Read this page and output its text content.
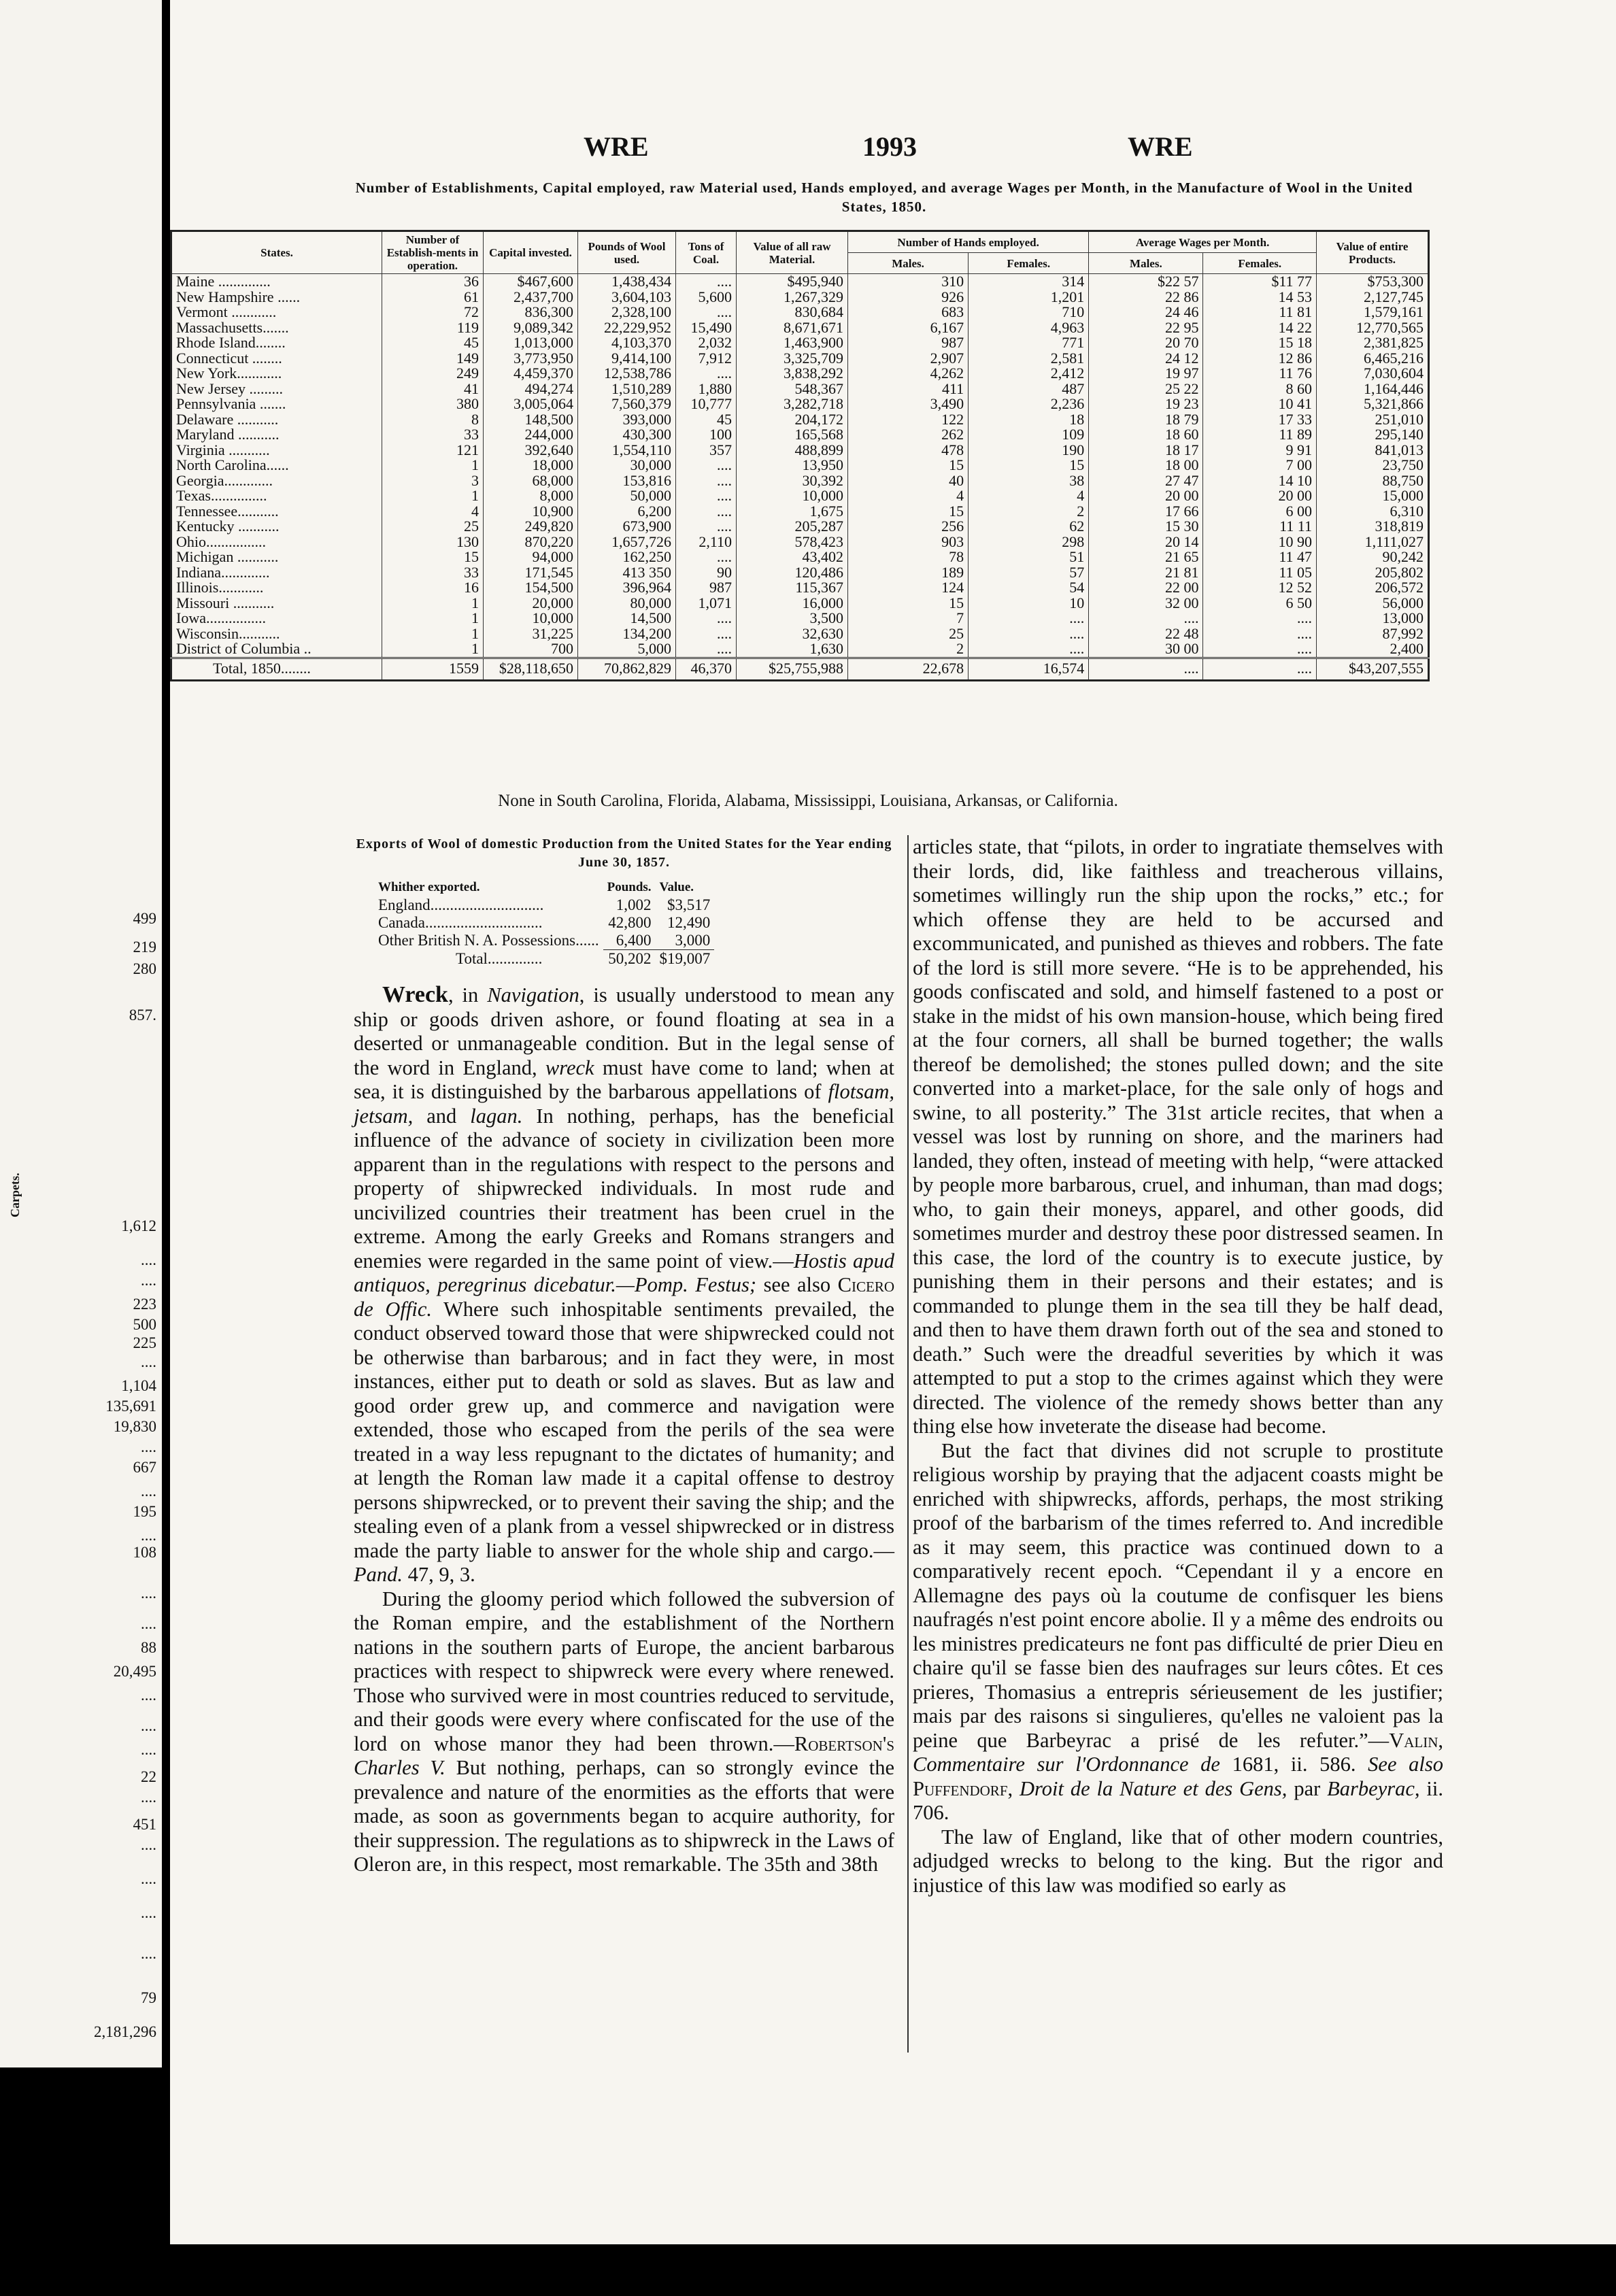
499
219
280
857.
1,612
....
....
223
500
225
....
1,104
135,691
19,830
....
667
....
195
....
108
....
....
88
20,495
....
....
....
22
....
451
....
....
....
....
79
2,181,296
Carpets.
WRE	1993	WRE
Number of Establishments, Capital employed, raw Material used, Hands employed, and average Wages per Month, in the Manufacture of Wool in the United States, 1850.
States.	Number of Establish-ments in operation.	Capital invested.	Pounds of Wool used.	Tons of Coal.	Value of all raw Material.	Number of Hands employed.		Average Wages per Month.		Value of entire Products.
						Males.	Females.	Males.	Females.	
Maine ..............	36	$467,600	1,438,434	....	$495,940	310	314	$22 57	$11 77	$753,300
New Hampshire ......	61	2,437,700	3,604,103	5,600	1,267,329	926	1,201	22 86	14 53	2,127,745
Vermont ............	72	836,300	2,328,100	....	830,684	683	710	24 46	11 81	1,579,161
Massachusetts.......	119	9,089,342	22,229,952	15,490	8,671,671	6,167	4,963	22 95	14 22	12,770,565
Rhode Island........	45	1,013,000	4,103,370	2,032	1,463,900	987	771	20 70	15 18	2,381,825
Connecticut ........	149	3,773,950	9,414,100	7,912	3,325,709	2,907	2,581	24 12	12 86	6,465,216
New York............	249	4,459,370	12,538,786	....	3,838,292	4,262	2,412	19 97	11 76	7,030,604
New Jersey .........	41	494,274	1,510,289	1,880	548,367	411	487	25 22	8 60	1,164,446
Pennsylvania .......	380	3,005,064	7,560,379	10,777	3,282,718	3,490	2,236	19 23	10 41	5,321,866
Delaware ...........	8	148,500	393,000	45	204,172	122	18	18 79	17 33	251,010
Maryland ...........	33	244,000	430,300	100	165,568	262	109	18 60	11 89	295,140
Virginia ...........	121	392,640	1,554,110	357	488,899	478	190	18 17	9 91	841,013
North Carolina......	1	18,000	30,000	....	13,950	15	15	18 00	7 00	23,750
Georgia.............	3	68,000	153,816	....	30,392	40	38	27 47	14 10	88,750
Texas...............	1	8,000	50,000	....	10,000	4	4	20 00	20 00	15,000
Tennessee...........	4	10,900	6,200	....	1,675	15	2	17 66	6 00	6,310
Kentucky ...........	25	249,820	673,900	....	205,287	256	62	15 30	11 11	318,819
Ohio................	130	870,220	1,657,726	2,110	578,423	903	298	20 14	10 90	1,111,027
Michigan ...........	15	94,000	162,250	....	43,402	78	51	21 65	11 47	90,242
Indiana.............	33	171,545	413 350	90	120,486	189	57	21 81	11 05	205,802
Illinois............	16	154,500	396,964	987	115,367	124	54	22 00	12 52	206,572
Missouri ...........	1	20,000	80,000	1,071	16,000	15	10	32 00	6 50	56,000
Iowa................	1	10,000	14,500	....	3,500	7	....	....	....	13,000
Wisconsin...........	1	31,225	134,200	....	32,630	25	....	22 48	....	87,992
District of Columbia ..	1	700	5,000	....	1,630	2	....	30 00	....	2,400
Total, 1850........	1559	$28,118,650	70,862,829	46,370	$25,755,988	22,678	16,574	....	....	$43,207,555
None in South Carolina, Florida, Alabama, Mississippi, Louisiana, Arkansas, or California.
Exports of Wool of domestic Production from the United States for the Year ending June 30, 1857.
Whither exported.	Pounds.	Value.
England.............................	1,002	$3,517
Canada..............................	42,800	12,490
Other British N. A. Possessions......	6,400	3,000
Total..............	50,202	$19,007

Wreck, in Navigation, is usually understood to mean any ship or goods driven ashore, or found floating at sea in a deserted or unmanageable condition. But in the legal sense of the word in England, wreck must have come to land; when at sea, it is distinguished by the barbarous appellations of flotsam, jetsam, and lagan. In nothing, perhaps, has the beneficial influence of the advance of society in civilization been more apparent than in the regulations with respect to the persons and property of shipwrecked individuals. In most rude and uncivilized countries their treatment has been cruel in the extreme. Among the early Greeks and Romans strangers and enemies were regarded in the same point of view.—Hostis apud antiquos, peregrinus dicebatur.—Pomp. Festus; see also Cicero de Offic. Where such inhospitable sentiments prevailed, the conduct observed toward those that were shipwrecked could not be otherwise than barbarous; and in fact they were, in most instances, either put to death or sold as slaves. But as law and good order grew up, and commerce and navigation were extended, those who escaped from the perils of the sea were treated in a way less repugnant to the dictates of humanity; and at length the Roman law made it a capital offense to destroy persons shipwrecked, or to prevent their saving the ship; and the stealing even of a plank from a vessel shipwrecked or in distress made the party liable to answer for the whole ship and cargo.—Pand. 47, 9, 3.

During the gloomy period which followed the subversion of the Roman empire, and the establishment of the Northern nations in the southern parts of Europe, the ancient barbarous practices with respect to shipwreck were every where renewed. Those who survived were in most countries reduced to servitude, and their goods were every where confiscated for the use of the lord on whose manor they had been thrown.—Robertson's Charles V. But nothing, perhaps, can so strongly evince the prevalence and nature of the enormities as the efforts that were made, as soon as governments began to acquire authority, for their suppression. The regulations as to shipwreck in the Laws of Oleron are, in this respect, most remarkable. The 35th and 38th

articles state, that “pilots, in order to ingratiate themselves with their lords, did, like faithless and treacherous villains, sometimes willingly run the ship upon the rocks,” etc.; for which offense they are held to be accursed and excommunicated, and punished as thieves and robbers. The fate of the lord is still more severe. “He is to be apprehended, his goods confiscated and sold, and himself fastened to a post or stake in the midst of his own mansion-house, which being fired at the four corners, all shall be burned together; the walls thereof be demolished; the stones pulled down; and the site converted into a market-place, for the sale only of hogs and swine, to all posterity.” The 31st article recites, that when a vessel was lost by running on shore, and the mariners had landed, they often, instead of meeting with help, “were attacked by people more barbarous, cruel, and inhuman, than mad dogs; who, to gain their moneys, apparel, and other goods, did sometimes murder and destroy these poor distressed seamen. In this case, the lord of the country is to execute justice, by punishing them in their persons and their estates; and is commanded to plunge them in the sea till they be half dead, and then to have them drawn forth out of the sea and stoned to death.” Such were the dreadful severities by which it was attempted to put a stop to the crimes against which they were directed. The violence of the remedy shows better than any thing else how inveterate the disease had become.

But the fact that divines did not scruple to prostitute religious worship by praying that the adjacent coasts might be enriched with shipwrecks, affords, perhaps, the most striking proof of the barbarism of the times referred to. And incredible as it may seem, this practice was continued down to a comparatively recent epoch. “Cependant il y a encore en Allemagne des pays où la coutume de confisquer les biens naufragés n'est point encore abolie. Il y a même des endroits ou les ministres predicateurs ne font pas difficulté de prier Dieu en chaire qu'il se fasse bien des naufrages sur leurs côtes. Et ces prieres, Thomasius a entrepris sérieusement de les justifier; mais par des raisons si singulieres, qu'elles ne valoient pas la peine que Barbeyrac a prisé de les refuter.”—Valin, Commentaire sur l'Ordonnance de 1681, ii. 586. See also Puffendorf, Droit de la Nature et des Gens, par Barbeyrac, ii. 706.

The law of England, like that of other modern countries, adjudged wrecks to belong to the king. But the rigor and injustice of this law was modified so early as
